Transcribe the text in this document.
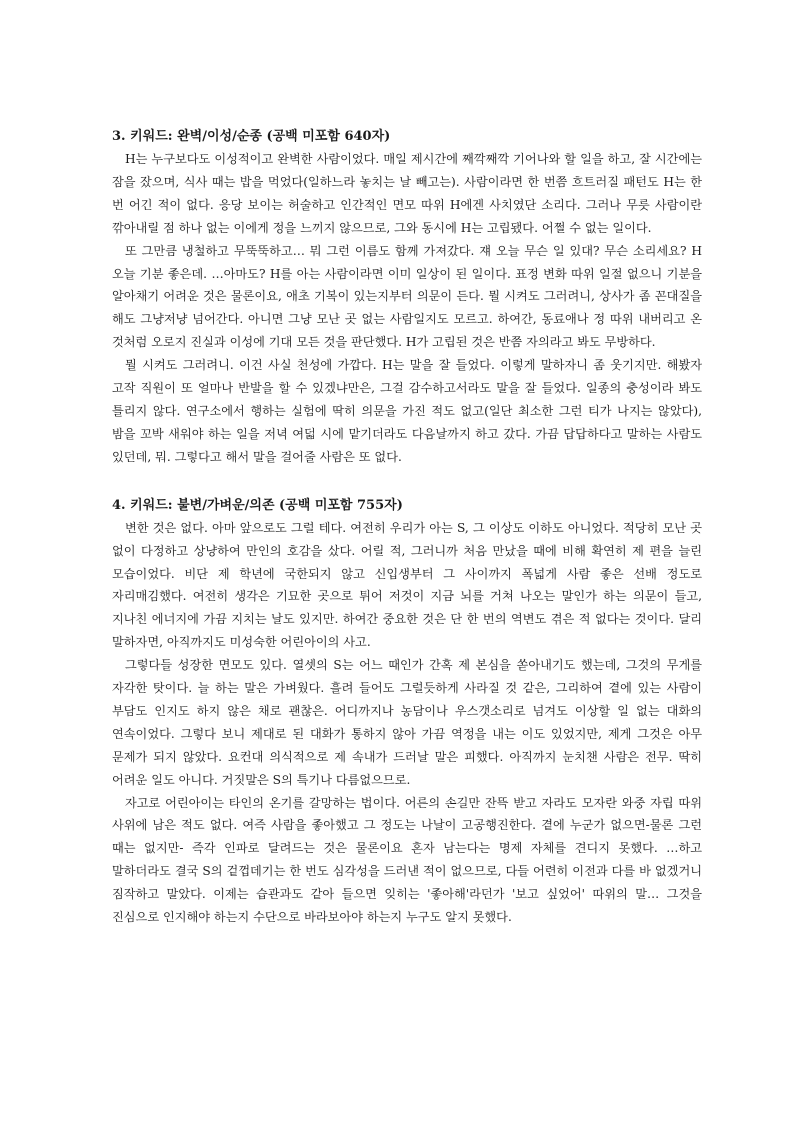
3. 키워드: 완벽/이성/순종 (공백 미포함 640자)

H는 누구보다도 이성적이고 완벽한 사람이었다. 매일 제시간에 째깍째깍 기어나와 할 일을 하고, 잘 시간에는 잠을 잤으며, 식사 때는 밥을 먹었다(일하느라 놓치는 날 빼고는). 사람이라면 한 번쯤 흐트러질 패턴도 H는 한 번 어긴 적이 없다. 응당 보이는 허술하고 인간적인 면모 따위 H에겐 사치였단 소리다. 그러나 무릇 사람이란 깎아내릴 점 하나 없는 이에게 정을 느끼지 않으므로, 그와 동시에 H는 고립됐다. 어쩔 수 없는 일이다.

또 그만큼 냉철하고 무뚝뚝하고… 뭐 그런 이름도 함께 가져갔다. 쟤 오늘 무슨 일 있대? 무슨 소리세요? H 오늘 기분 좋은데. …아마도? H를 아는 사람이라면 이미 일상이 된 일이다. 표정 변화 따위 일절 없으니 기분을 알아채기 어려운 것은 물론이요, 애초 기복이 있는지부터 의문이 든다. 뭘 시켜도 그러려니, 상사가 좀 꼰대질을 해도 그냥저냥 넘어간다. 아니면 그냥 모난 곳 없는 사람일지도 모르고. 하여간, 동료애나 정 따위 내버리고 온 것처럼 오로지 진실과 이성에 기대 모든 것을 판단했다. H가 고립된 것은 반쯤 자의라고 봐도 무방하다.

뭘 시켜도 그러려니. 이건 사실 천성에 가깝다. H는 말을 잘 들었다. 이렇게 말하자니 좀 웃기지만. 해봤자 고작 직원이 또 얼마나 반발을 할 수 있겠냐만은, 그걸 감수하고서라도 말을 잘 들었다. 일종의 충성이라 봐도 틀리지 않다. 연구소에서 행하는 실험에 딱히 의문을 가진 적도 없고(일단 최소한 그런 티가 나지는 않았다), 밤을 꼬박 새워야 하는 일을 저녁 여덟 시에 맡기더라도 다음날까지 하고 갔다. 가끔 답답하다고 말하는 사람도 있던데, 뭐. 그렇다고 해서 말을 걸어줄 사람은 또 없다.

4. 키워드: 불변/가벼운/의존 (공백 미포함 755자)

변한 것은 없다. 아마 앞으로도 그럴 테다. 여전히 우리가 아는 S, 그 이상도 이하도 아니었다. 적당히 모난 곳 없이 다정하고 상냥하여 만인의 호감을 샀다. 어릴 적, 그러니까 처음 만났을 때에 비해 확연히 제 편을 늘린 모습이었다. 비단 제 학년에 국한되지 않고 신입생부터 그 사이까지 폭넓게 사람 좋은 선배 정도로 자리매김했다. 여전히 생각은 기묘한 곳으로 튀어 저것이 지금 뇌를 거쳐 나오는 말인가 하는 의문이 들고, 지나친 에너지에 가끔 지치는 날도 있지만. 하여간 중요한 것은 단 한 번의 역변도 겪은 적 없다는 것이다. 달리 말하자면, 아직까지도 미성숙한 어린아이의 사고.

그렇다들 성장한 면모도 있다. 열셋의 S는 어느 때인가 간혹 제 본심을 쏟아내기도 했는데, 그것의 무게를 자각한 탓이다. 늘 하는 말은 가벼웠다. 흘려 들어도 그럴듯하게 사라질 것 같은, 그리하여 곁에 있는 사람이 부담도 인지도 하지 않은 채로 괜찮은. 어디까지나 농담이나 우스갯소리로 넘겨도 이상할 일 없는 대화의 연속이었다. 그렇다 보니 제대로 된 대화가 통하지 않아 가끔 역정을 내는 이도 있었지만, 제게 그것은 아무 문제가 되지 않았다. 요컨대 의식적으로 제 속내가 드러날 말은 피했다. 아직까지 눈치챈 사람은 전무. 딱히 어려운 일도 아니다. 거짓말은 S의 특기나 다름없으므로.

자고로 어린아이는 타인의 온기를 갈망하는 법이다. 어른의 손길만 잔뜩 받고 자라도 모자란 와중 자립 따위 사위에 남은 적도 없다. 여즉 사람을 좋아했고 그 정도는 나날이 고공행진한다. 곁에 누군가 없으면-물론 그런 때는 없지만- 즉각 인파로 달려드는 것은 물론이요 혼자 남는다는 명제 자체를 견디지 못했다. …하고 말하더라도 결국 S의 겉껍데기는 한 번도 심각성을 드러낸 적이 없으므로, 다들 어련히 이전과 다를 바 없겠거니 짐작하고 말았다. 이제는 습관과도 같아 들으면 잊히는 '좋아해'라던가 '보고 싶었어' 따위의 말… 그것을 진심으로 인지해야 하는지 수단으로 바라보아야 하는지 누구도 알지 못했다.
